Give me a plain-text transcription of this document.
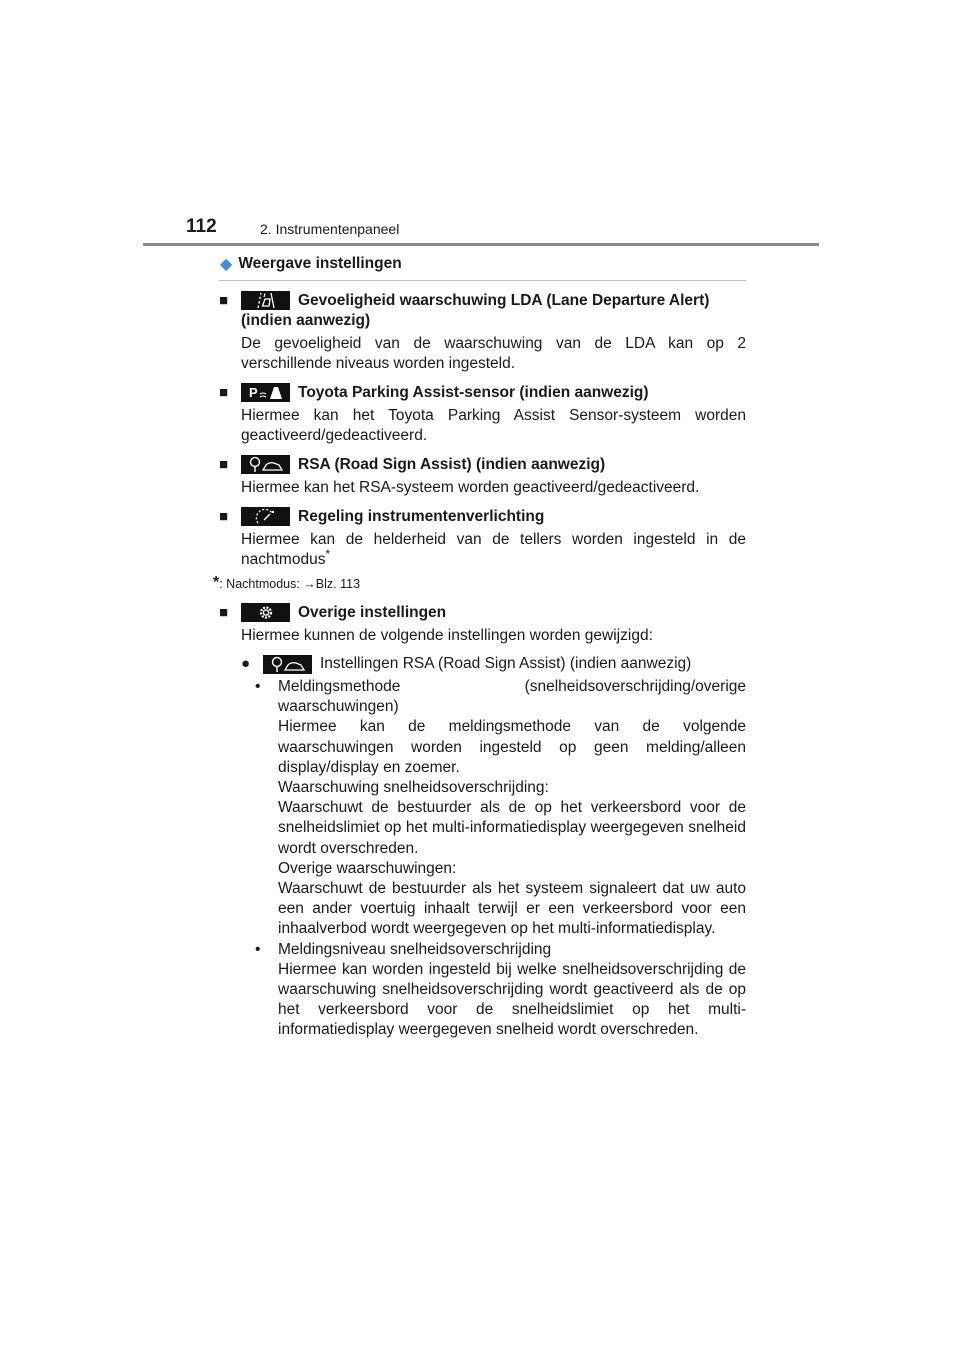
112	2. Instrumentenpaneel
◆ Weergave instellingen
■	Gevoeligheid waarschuwing LDA (Lane Departure Alert) (indien aanwezig)
De gevoeligheid van de waarschuwing van de LDA kan op 2 verschillende niveaus worden ingesteld.
■	P	Toyota Parking Assist-sensor (indien aanwezig)
Hiermee kan het Toyota Parking Assist Sensor-systeem worden geactiveerd/gedeactiveerd.
■	RSA (Road Sign Assist) (indien aanwezig)
Hiermee kan het RSA-systeem worden geactiveerd/gedeactiveerd.
■	Regeling instrumentenverlichting
Hiermee kan de helderheid van de tellers worden ingesteld in de nachtmodus*
*: Nachtmodus: →Blz. 113
■	Overige instellingen
Hiermee kunnen de volgende instellingen worden gewijzigd:
●	Instellingen RSA (Road Sign Assist) (indien aanwezig)
• Meldingsmethode (snelheidsoverschrijding/overige waarschuwingen)
Hiermee kan de meldingsmethode van de volgende waarschuwingen worden ingesteld op geen melding/alleen display/display en zoemer.
Waarschuwing snelheidsoverschrijding:
Waarschuwt de bestuurder als de op het verkeersbord voor de snelheidslimiet op het multi-informatiedisplay weergegeven snelheid wordt overschreden.
Overige waarschuwingen:
Waarschuwt de bestuurder als het systeem signaleert dat uw auto een ander voertuig inhaalt terwijl er een verkeersbord voor een inhaalverbod wordt weergegeven op het multi-informatiedisplay.
• Meldingsniveau snelheidsoverschrijding
Hiermee kan worden ingesteld bij welke snelheidsoverschrijding de waarschuwing snelheidsoverschrijding wordt geactiveerd als de op het verkeersbord voor de snelheidslimiet op het multi-informatiedisplay weergegeven snelheid wordt overschreden.
